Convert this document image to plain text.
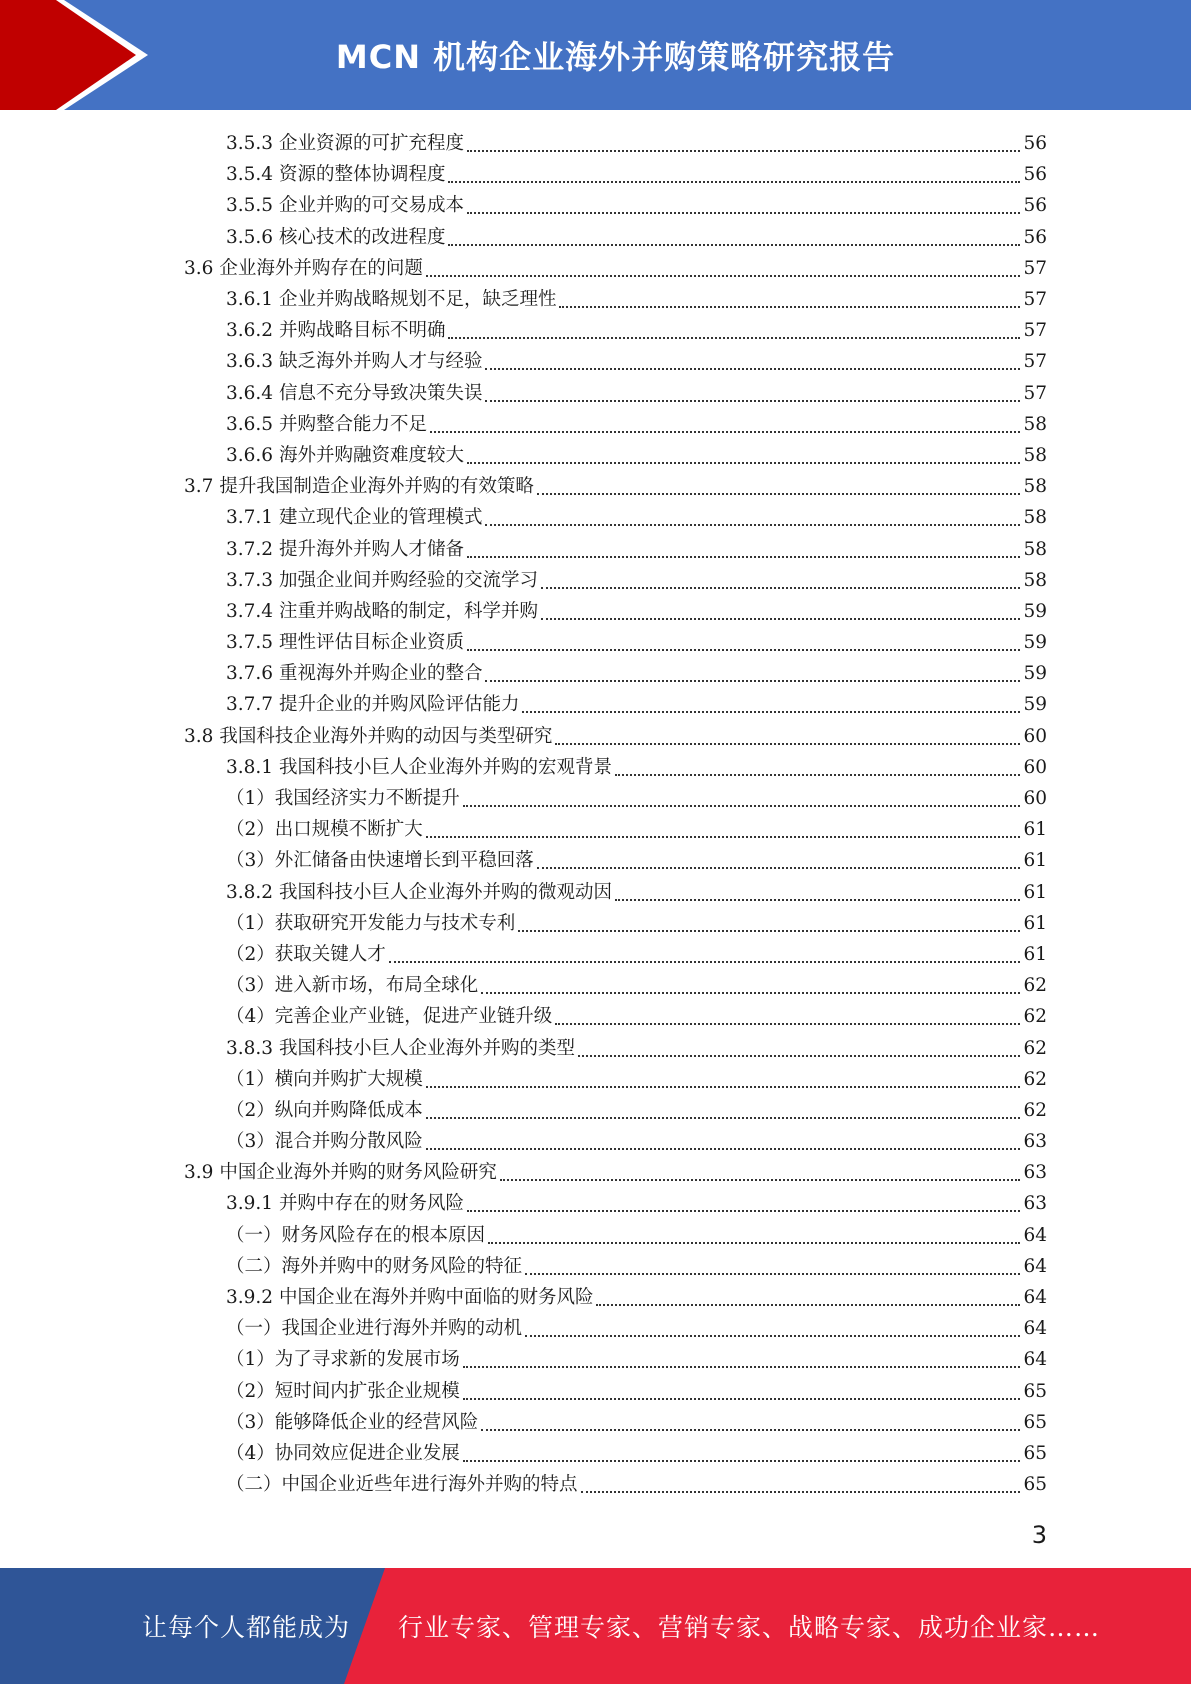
MCN 机构企业海外并购策略研究报告
3.5.3 企业资源的可扩充程度	56
3.5.4 资源的整体协调程度	56
3.5.5 企业并购的可交易成本	56
3.5.6 核心技术的改进程度	56
3.6 企业海外并购存在的问题	57
3.6.1 企业并购战略规划不足，缺乏理性	57
3.6.2 并购战略目标不明确	57
3.6.3 缺乏海外并购人才与经验	57
3.6.4 信息不充分导致决策失误	57
3.6.5 并购整合能力不足	58
3.6.6 海外并购融资难度较大	58
3.7 提升我国制造企业海外并购的有效策略	58
3.7.1 建立现代企业的管理模式	58
3.7.2 提升海外并购人才储备	58
3.7.3 加强企业间并购经验的交流学习	58
3.7.4 注重并购战略的制定，科学并购	59
3.7.5 理性评估目标企业资质	59
3.7.6 重视海外并购企业的整合	59
3.7.7 提升企业的并购风险评估能力	59
3.8 我国科技企业海外并购的动因与类型研究	60
3.8.1 我国科技小巨人企业海外并购的宏观背景	60
（1）我国经济实力不断提升	60
（2）出口规模不断扩大	61
（3）外汇储备由快速增长到平稳回落	61
3.8.2 我国科技小巨人企业海外并购的微观动因	61
（1）获取研究开发能力与技术专利	61
（2）获取关键人才	61
（3）进入新市场，布局全球化	62
（4）完善企业产业链，促进产业链升级	62
3.8.3 我国科技小巨人企业海外并购的类型	62
（1）横向并购扩大规模	62
（2）纵向并购降低成本	62
（3）混合并购分散风险	63
3.9 中国企业海外并购的财务风险研究	63
3.9.1 并购中存在的财务风险	63
（一）财务风险存在的根本原因	64
（二）海外并购中的财务风险的特征	64
3.9.2 中国企业在海外并购中面临的财务风险	64
（一）我国企业进行海外并购的动机	64
（1）为了寻求新的发展市场	64
（2）短时间内扩张企业规模	65
（3）能够降低企业的经营风险	65
（4）协同效应促进企业发展	65
（二）中国企业近些年进行海外并购的特点	65
3
让每个人都能成为 行业专家、管理专家、营销专家、战略专家、成功企业家……
